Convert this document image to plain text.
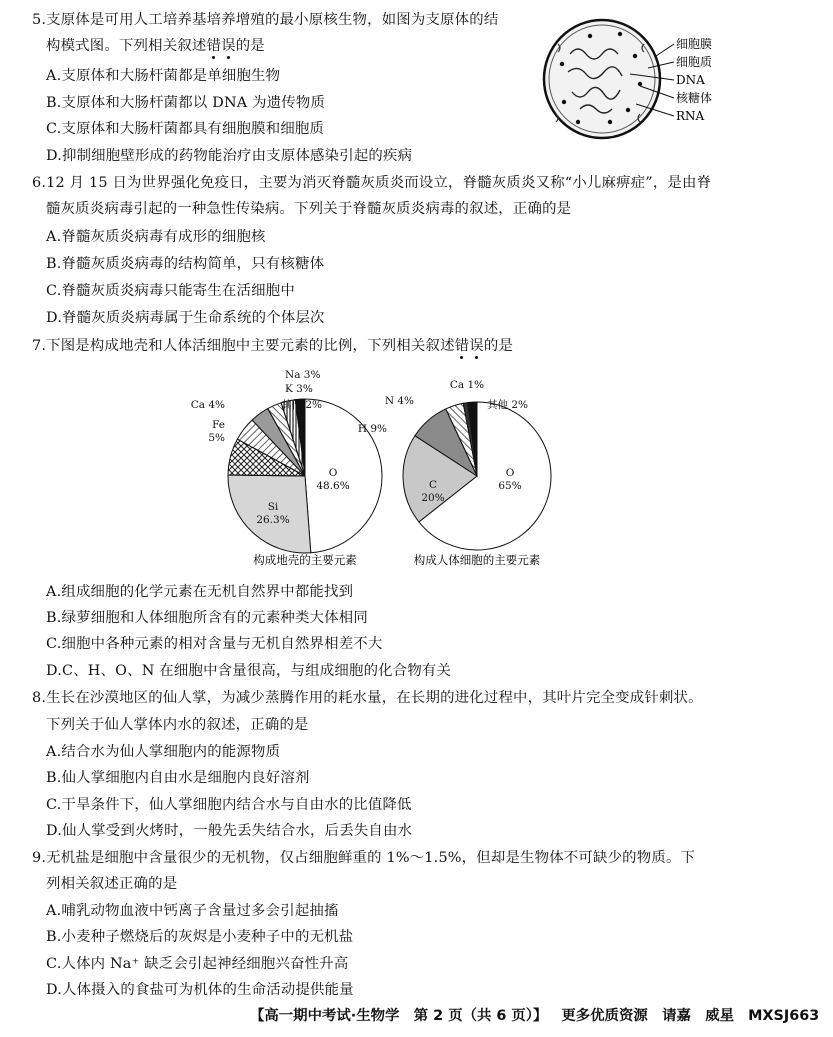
5.支原体是可用人工培养基培养增殖的最小原核生物，如图为支原体的结
构模式图。下列相关叙述错误的是
A.支原体和大肠杆菌都是单细胞生物
B.支原体和大肠杆菌都以 DNA 为遗传物质
C.支原体和大肠杆菌都具有细胞膜和细胞质
D.抑制细胞壁形成的药物能治疗由支原体感染引起的疾病
细胞膜
细胞质
DNA
核糖体
RNA
6.12 月 15 日为世界强化免疫日，主要为消灭脊髓灰质炎而设立，脊髓灰质炎又称“小儿麻痹症”，是由脊
髓灰质炎病毒引起的一种急性传染病。下列关于脊髓灰质炎病毒的叙述，正确的是
A.脊髓灰质炎病毒有成形的细胞核
B.脊髓灰质炎病毒的结构简单，只有核糖体
C.脊髓灰质炎病毒只能寄生在活细胞中
D.脊髓灰质炎病毒属于生命系统的个体层次
7.下图是构成地壳和人体活细胞中主要元素的比例，下列相关叙述错误的是
O 48.6%
Si 26.3%
Fe 5%
Ca 4%
Na 3%
K 3%
其他 2%
O 65%
C 20%
H 9%
N 4%
Ca 1%
其他 2%
构成地壳的主要元素	构成人体细胞的主要元素
A.组成细胞的化学元素在无机自然界中都能找到
B.绿萝细胞和人体细胞所含有的元素种类大体相同
C.细胞中各种元素的相对含量与无机自然界相差不大
D.C、H、O、N 在细胞中含量很高，与组成细胞的化合物有关
8.生长在沙漠地区的仙人掌，为减少蒸腾作用的耗水量，在长期的进化过程中，其叶片完全变成针刺状。
下列关于仙人掌体内水的叙述，正确的是
A.结合水为仙人掌细胞内的能源物质
B.仙人掌细胞内自由水是细胞内良好溶剂
C.干旱条件下，仙人掌细胞内结合水与自由水的比值降低
D.仙人掌受到火烤时，一般先丢失结合水，后丢失自由水
9.无机盐是细胞中含量很少的无机物，仅占细胞鲜重的 1%～1.5%，但却是生物体不可缺少的物质。下
列相关叙述正确的是
A.哺乳动物血液中钙离子含量过多会引起抽搐
B.小麦种子燃烧后的灰烬是小麦种子中的无机盐
C.人体内 Na⁺ 缺乏会引起神经细胞兴奋性升高
D.人体摄入的食盐可为机体的生命活动提供能量
【高一期中考试·生物学　第 2 页（共 6 页）】 更多优质资源　请嘉　威星 MXSJ663
